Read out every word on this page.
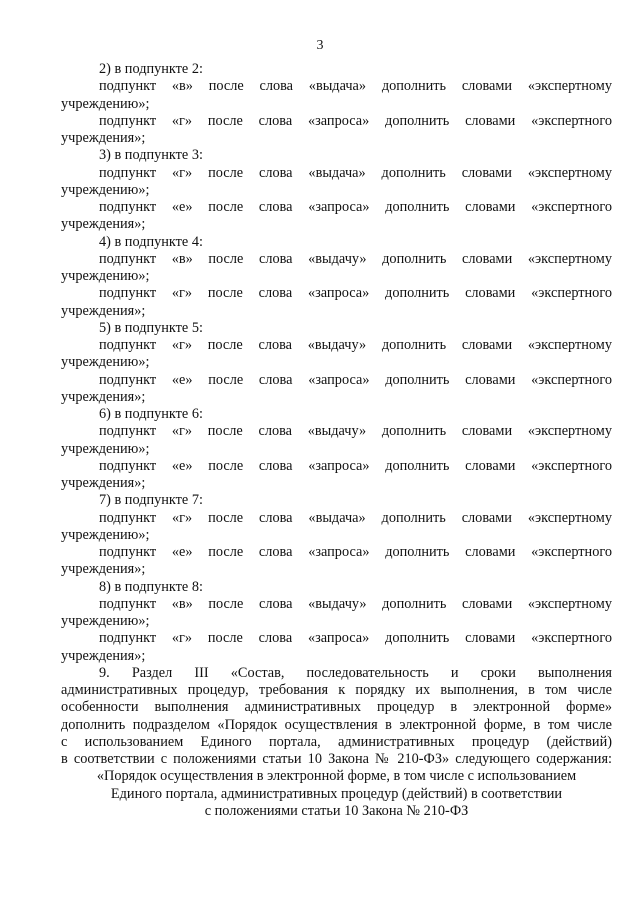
3
2) в подпункте 2:
подпункт «в» после слова «выдача» дополнить словами «экспертному
учреждению»;
подпункт «г» после слова «запроса» дополнить словами «экспертного
учреждения»;
3) в подпункте 3:
подпункт «г» после слова «выдача» дополнить словами «экспертному
учреждению»;
подпункт «е» после слова «запроса» дополнить словами «экспертного
учреждения»;
4) в подпункте 4:
подпункт «в» после слова «выдачу» дополнить словами «экспертному
учреждению»;
подпункт «г» после слова «запроса» дополнить словами «экспертного
учреждения»;
5) в подпункте 5:
подпункт «г» после слова «выдачу» дополнить словами «экспертному
учреждению»;
подпункт «е» после слова «запроса» дополнить словами «экспертного
учреждения»;
6) в подпункте 6:
подпункт «г» после слова «выдачу» дополнить словами «экспертному
учреждению»;
подпункт «е» после слова «запроса» дополнить словами «экспертного
учреждения»;
7) в подпункте 7:
подпункт «г» после слова «выдача» дополнить словами «экспертному
учреждению»;
подпункт «е» после слова «запроса» дополнить словами «экспертного
учреждения»;
8) в подпункте 8:
подпункт «в» после слова «выдачу» дополнить словами «экспертному
учреждению»;
подпункт «г» после слова «запроса» дополнить словами «экспертного
учреждения»;
9. Раздел III «Состав, последовательность и сроки выполнения
административных процедур, требования к порядку их выполнения, в том числе
особенности выполнения административных процедур в электронной форме»
дополнить подразделом «Порядок осуществления в электронной форме, в том числе
с использованием Единого портала, административных процедур (действий)
в соответствии с положениями статьи 10 Закона № 210-ФЗ» следующего содержания:
«Порядок осуществления в электронной форме, в том числе с использованием
Единого портала, административных процедур (действий) в соответствии
с положениями статьи 10 Закона № 210-ФЗ
